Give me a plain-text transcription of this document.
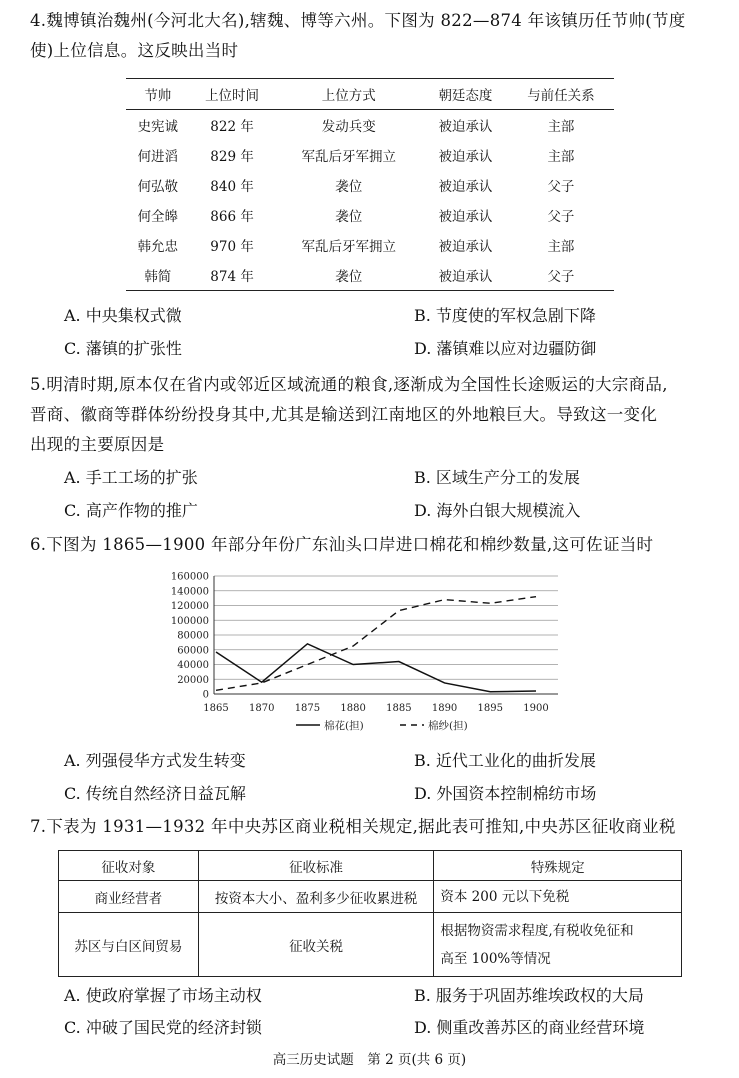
4.魏博镇治魏州(今河北大名),辖魏、博等六州。下图为 822—874 年该镇历任节帅(节度
使)上位信息。这反映出当时
节帅	上位时间	上位方式	朝廷态度	与前任关系
史宪诚	822 年	发动兵变	被迫承认	主部
何进滔	829 年	军乱后牙军拥立	被迫承认	主部
何弘敬	840 年	袭位	被迫承认	父子
何全皞	866 年	袭位	被迫承认	父子
韩允忠	970 年	军乱后牙军拥立	被迫承认	主部
韩简	874 年	袭位	被迫承认	父子
A. 中央集权式微	B. 节度使的军权急剧下降
C. 藩镇的扩张性	D. 藩镇难以应对边疆防御
5.明清时期,原本仅在省内或邻近区域流通的粮食,逐渐成为全国性长途贩运的大宗商品,
晋商、徽商等群体纷纷投身其中,尤其是输送到江南地区的外地粮巨大。导致这一变化
出现的主要原因是
A. 手工工场的扩张	B. 区域生产分工的发展
C. 高产作物的推广	D. 海外白银大规模流入
6.下图为 1865—1900 年部分年份广东汕头口岸进口棉花和棉纱数量,这可佐证当时
0
20000
40000
60000
80000
100000
120000
140000
160000
1865 1870 1875 1880 1885 1890 1895 1900
棉花(担)	棉纱(担)
A. 列强侵华方式发生转变	B. 近代工业化的曲折发展
C. 传统自然经济日益瓦解	D. 外国资本控制棉纺市场
7.下表为 1931—1932 年中央苏区商业税相关规定,据此表可推知,中央苏区征收商业税
征收对象	征收标准	特殊规定
商业经营者	按资本大小、盈利多少征收累进税	资本 200 元以下免税
苏区与白区间贸易	征收关税	根据物资需求程度,有税收免征和
高至 100%等情况
A. 使政府掌握了市场主动权	B. 服务于巩固苏维埃政权的大局
C. 冲破了国民党的经济封锁	D. 侧重改善苏区的商业经营环境
高三历史试题　第 2 页(共 6 页)
